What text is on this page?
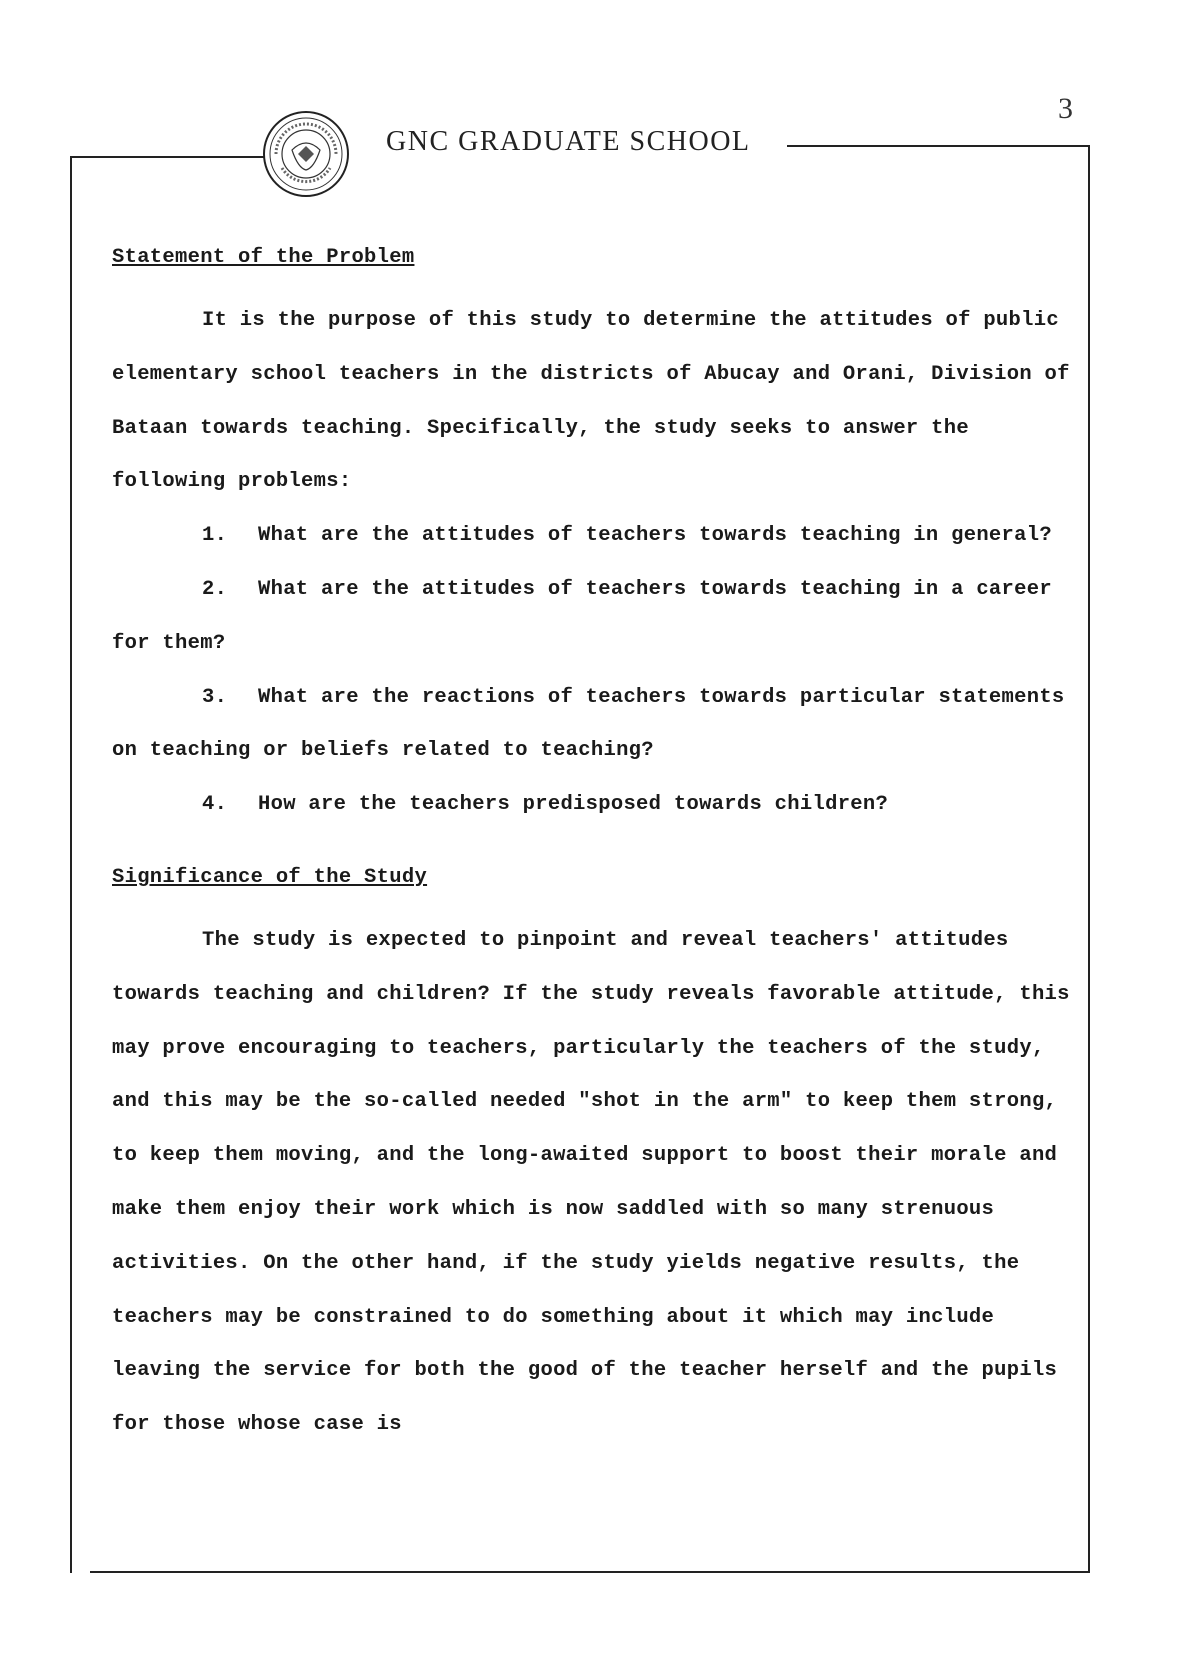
3
GNC GRADUATE SCHOOL

Statement of the Problem

It is the purpose of this study to determine the attitudes of public elementary school teachers in the districts of Abucay and Orani, Division of Bataan towards teaching. Specifically, the study seeks to answer the following problems:

1. What are the attitudes of teachers towards teaching in general?

2. What are the attitudes of teachers towards teaching in a career for them?

3. What are the reactions of teachers towards particular statements on teaching or beliefs related to teaching?

4. How are the teachers predisposed towards children?

Significance of the Study

The study is expected to pinpoint and reveal teachers' attitudes towards teaching and children? If the study reveals favorable attitude, this may prove encouraging to teachers, particularly the teachers of the study, and this may be the so-called needed "shot in the arm" to keep them strong, to keep them moving, and the long-awaited support to boost their morale and make them enjoy their work which is now saddled with so many strenuous activities. On the other hand, if the study yields negative results, the teachers may be constrained to do something about it which may include leaving the service for both the good of the teacher herself and the pupils for those whose case is
